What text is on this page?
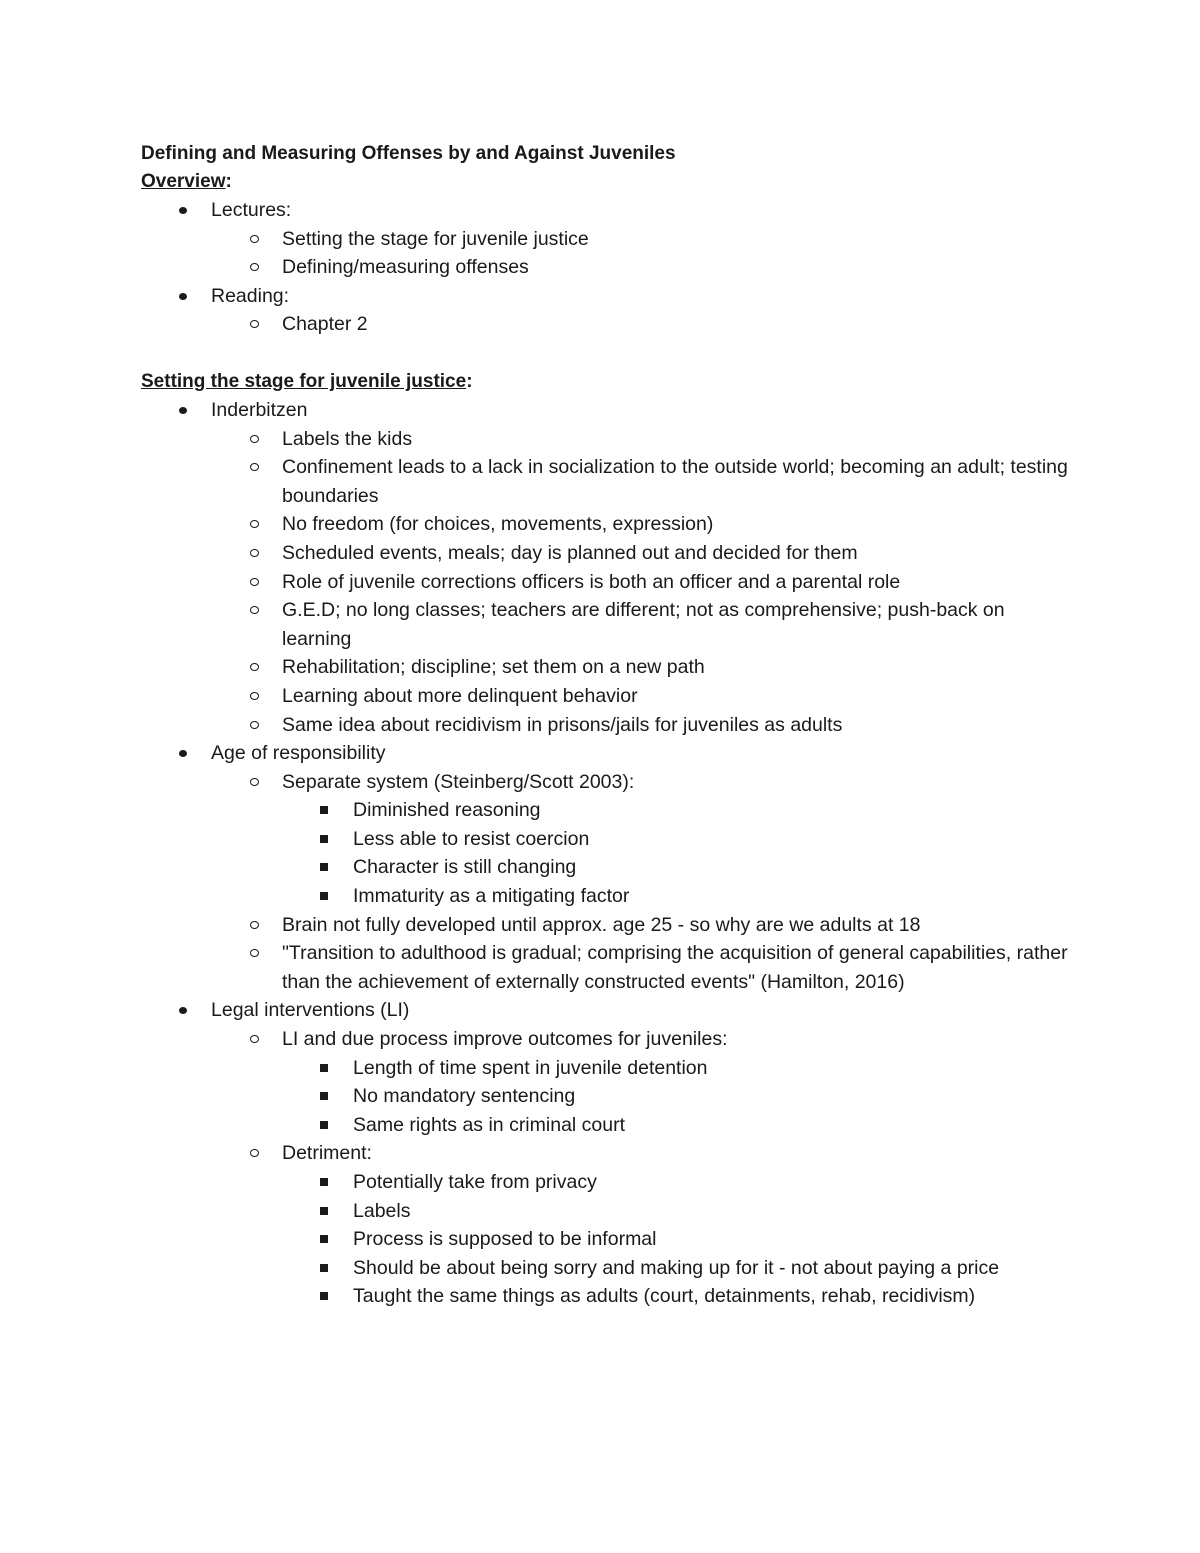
Defining and Measuring Offenses by and Against Juveniles
Overview:
Lectures:
Setting the stage for juvenile justice
Defining/measuring offenses
Reading:
Chapter 2
Setting the stage for juvenile justice:
Inderbitzen
Labels the kids
Confinement leads to a lack in socialization to the outside world; becoming an adult; testing boundaries
No freedom (for choices, movements, expression)
Scheduled events, meals; day is planned out and decided for them
Role of juvenile corrections officers is both an officer and a parental role
G.E.D; no long classes; teachers are different; not as comprehensive; push-back on learning
Rehabilitation; discipline; set them on a new path
Learning about more delinquent behavior
Same idea about recidivism in prisons/jails for juveniles as adults
Age of responsibility
Separate system (Steinberg/Scott 2003):
Diminished reasoning
Less able to resist coercion
Character is still changing
Immaturity as a mitigating factor
Brain not fully developed until approx. age 25 - so why are we adults at 18
"Transition to adulthood is gradual; comprising the acquisition of general capabilities, rather than the achievement of externally constructed events" (Hamilton, 2016)
Legal interventions (LI)
LI and due process improve outcomes for juveniles:
Length of time spent in juvenile detention
No mandatory sentencing
Same rights as in criminal court
Detriment:
Potentially take from privacy
Labels
Process is supposed to be informal
Should be about being sorry and making up for it - not about paying a price
Taught the same things as adults (court, detainments, rehab, recidivism)
